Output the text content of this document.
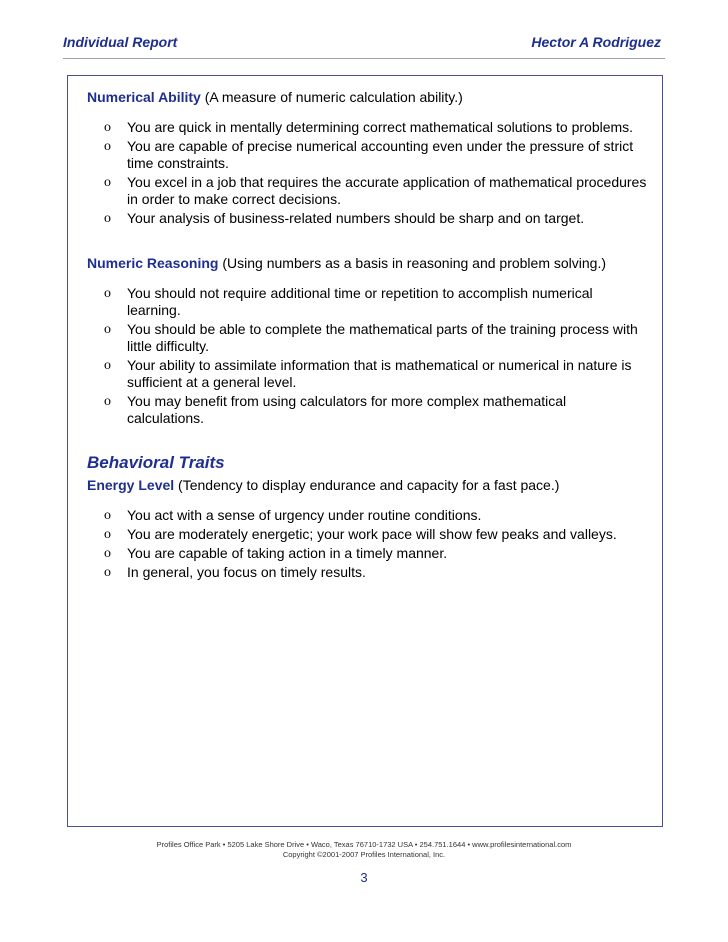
Individual Report	Hector A Rodriguez

Numerical Ability (A measure of numeric calculation ability.)

o You are quick in mentally determining correct mathematical solutions to problems.
o You are capable of precise numerical accounting even under the pressure of strict time constraints.
o You excel in a job that requires the accurate application of mathematical procedures in order to make correct decisions.
o Your analysis of business-related numbers should be sharp and on target.

Numeric Reasoning (Using numbers as a basis in reasoning and problem solving.)

o You should not require additional time or repetition to accomplish numerical learning.
o You should be able to complete the mathematical parts of the training process with little difficulty.
o Your ability to assimilate information that is mathematical or numerical in nature is sufficient at a general level.
o You may benefit from using calculators for more complex mathematical calculations.
Behavioral Traits

Energy Level (Tendency to display endurance and capacity for a fast pace.)

o You act with a sense of urgency under routine conditions.
o You are moderately energetic; your work pace will show few peaks and valleys.
o You are capable of taking action in a timely manner.
o In general, you focus on timely results.
Profiles Office Park • 5205 Lake Shore Drive • Waco, Texas 76710-1732 USA • 254.751.1644 • www.profilesinternational.com
Copyright ©2001-2007 Profiles International, Inc.
3
